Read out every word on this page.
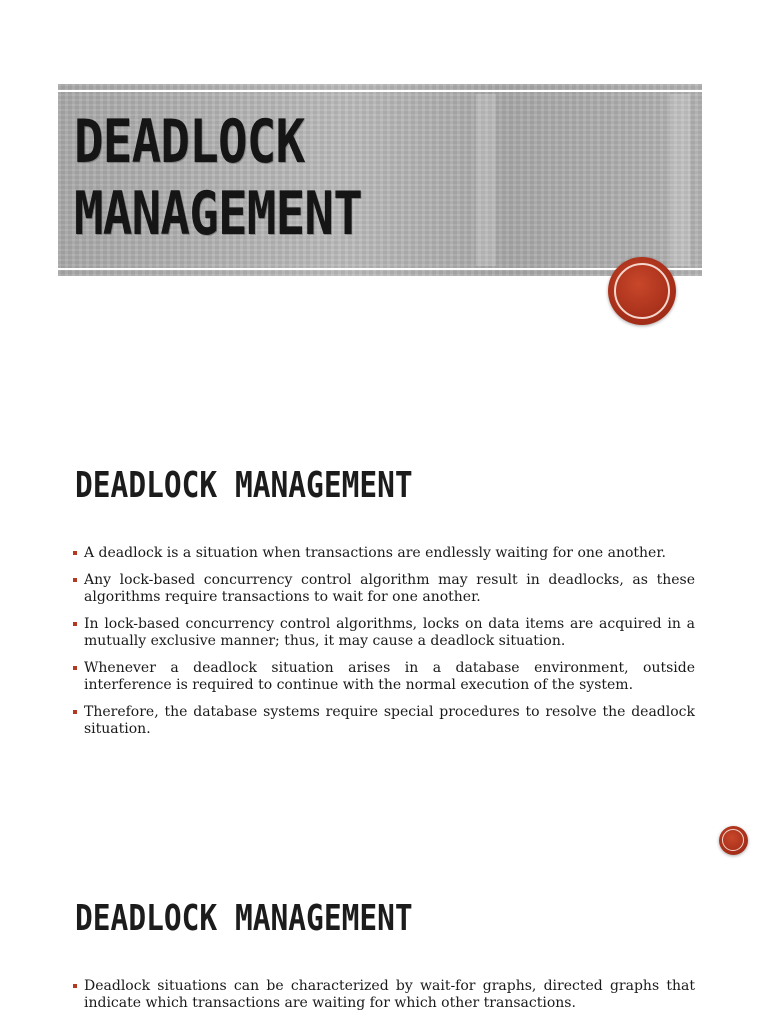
DEADLOCK
MANAGEMENT
DEADLOCK MANAGEMENT
A deadlock is a situation when transactions are endlessly waiting for one another.
Any lock-based concurrency control algorithm may result in deadlocks, as these algorithms require transactions to wait for one another.
In lock-based concurrency control algorithms, locks on data items are acquired in a mutually exclusive manner; thus, it may cause a deadlock situation.
Whenever a deadlock situation arises in a database environment, outside interference is required to continue with the normal execution of the system.
Therefore, the database systems require special procedures to resolve the deadlock situation.
DEADLOCK MANAGEMENT
Deadlock situations can be characterized by wait-for graphs, directed graphs that indicate which transactions are waiting for which other transactions.
